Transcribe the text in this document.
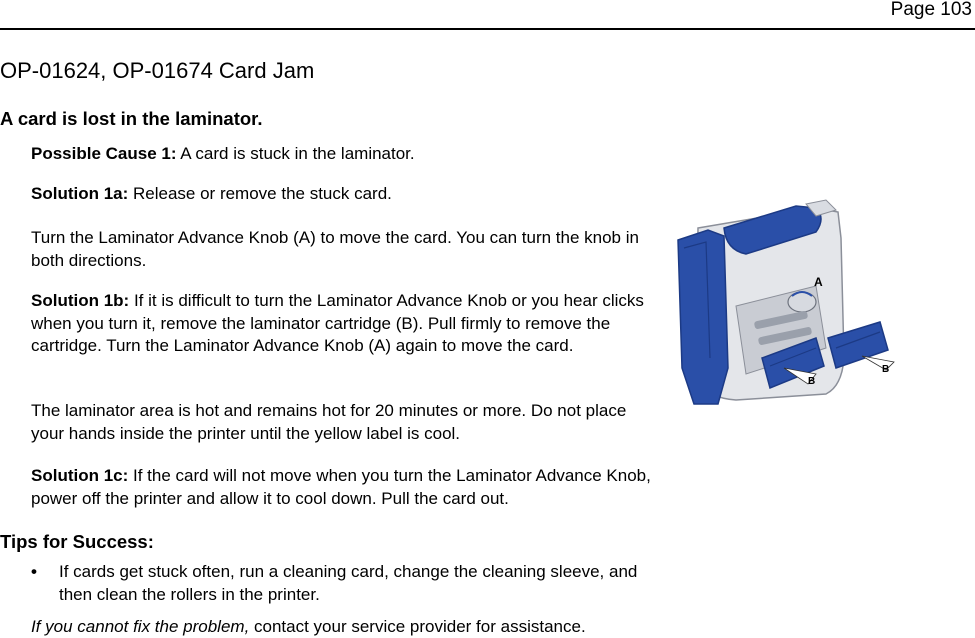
Page 103
OP-01624, OP-01674 Card Jam
A card is lost in the laminator.

Possible Cause 1: A card is stuck in the laminator.

Solution 1a: Release or remove the stuck card.

Turn the Laminator Advance Knob (A) to move the card. You can turn the knob in both directions.

Solution 1b: If it is difficult to turn the Laminator Advance Knob or you hear clicks when you turn it, remove the laminator cartridge (B). Pull firmly to remove the cartridge. Turn the Laminator Advance Knob (A) again to move the card.

The laminator area is hot and remains hot for 20 minutes or more. Do not place your hands inside the printer until the yellow label is cool.

Solution 1c: If the card will not move when you turn the Laminator Advance Knob, power off the printer and allow it to cool down. Pull the card out.

Tips for Success:
• If cards get stuck often, run a cleaning card, change the cleaning sleeve, and then clean the rollers in the printer.
If you cannot fix the problem, contact your service provider for assistance.
A
B
B
